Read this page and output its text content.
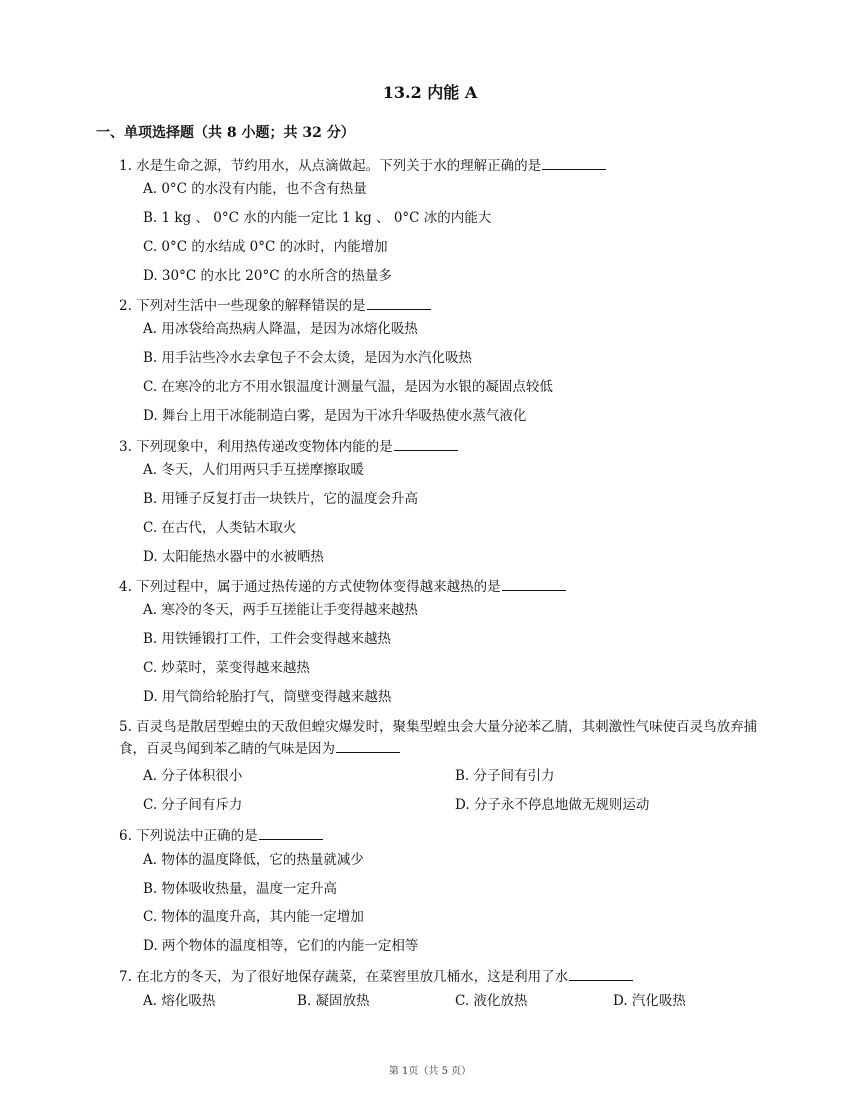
13.2 内能 A
一、单项选择题（共 8 小题；共 32 分）
1. 水是生命之源，节约用水，从点滴做起。下列关于水的理解正确的是
A. 0°C 的水没有内能，也不含有热量
B. 1 kg 、 0°C 水的内能一定比 1 kg 、 0°C 冰的内能大
C. 0°C 的水结成 0°C 的冰时，内能增加
D. 30°C 的水比 20°C 的水所含的热量多
2. 下列对生活中一些现象的解释错误的是
A. 用冰袋给高热病人降温，是因为冰熔化吸热
B. 用手沾些冷水去拿包子不会太烫，是因为水汽化吸热
C. 在寒冷的北方不用水银温度计测量气温，是因为水银的凝固点较低
D. 舞台上用干冰能制造白雾，是因为干冰升华吸热使水蒸气液化
3. 下列现象中，利用热传递改变物体内能的是
A. 冬天，人们用两只手互搓摩擦取暖
B. 用锤子反复打击一块铁片，它的温度会升高
C. 在古代，人类钻木取火
D. 太阳能热水器中的水被晒热
4. 下列过程中，属于通过热传递的方式使物体变得越来越热的是
A. 寒冷的冬天，两手互搓能让手变得越来越热
B. 用铁锤锻打工件，工件会变得越来越热
C. 炒菜时，菜变得越来越热
D. 用气筒给轮胎打气，筒壁变得越来越热
5. 百灵鸟是散居型蝗虫的天敌但蝗灾爆发时，聚集型蝗虫会大量分泌苯乙腈，其刺激性气味使百灵鸟放弃捕食，百灵鸟闻到苯乙睛的气味是因为
A. 分子体积很小	B. 分子间有引力
C. 分子间有斥力	D. 分子永不停息地做无规则运动
6. 下列说法中正确的是
A. 物体的温度降低，它的热量就减少
B. 物体吸收热量，温度一定升高
C. 物体的温度升高，其内能一定增加
D. 两个物体的温度相等，它们的内能一定相等
7. 在北方的冬天，为了很好地保存蔬菜，在菜窖里放几桶水，这是利用了水
A. 熔化吸热	B. 凝固放热	C. 液化放热	D. 汽化吸热
第 1页（共 5 页）
